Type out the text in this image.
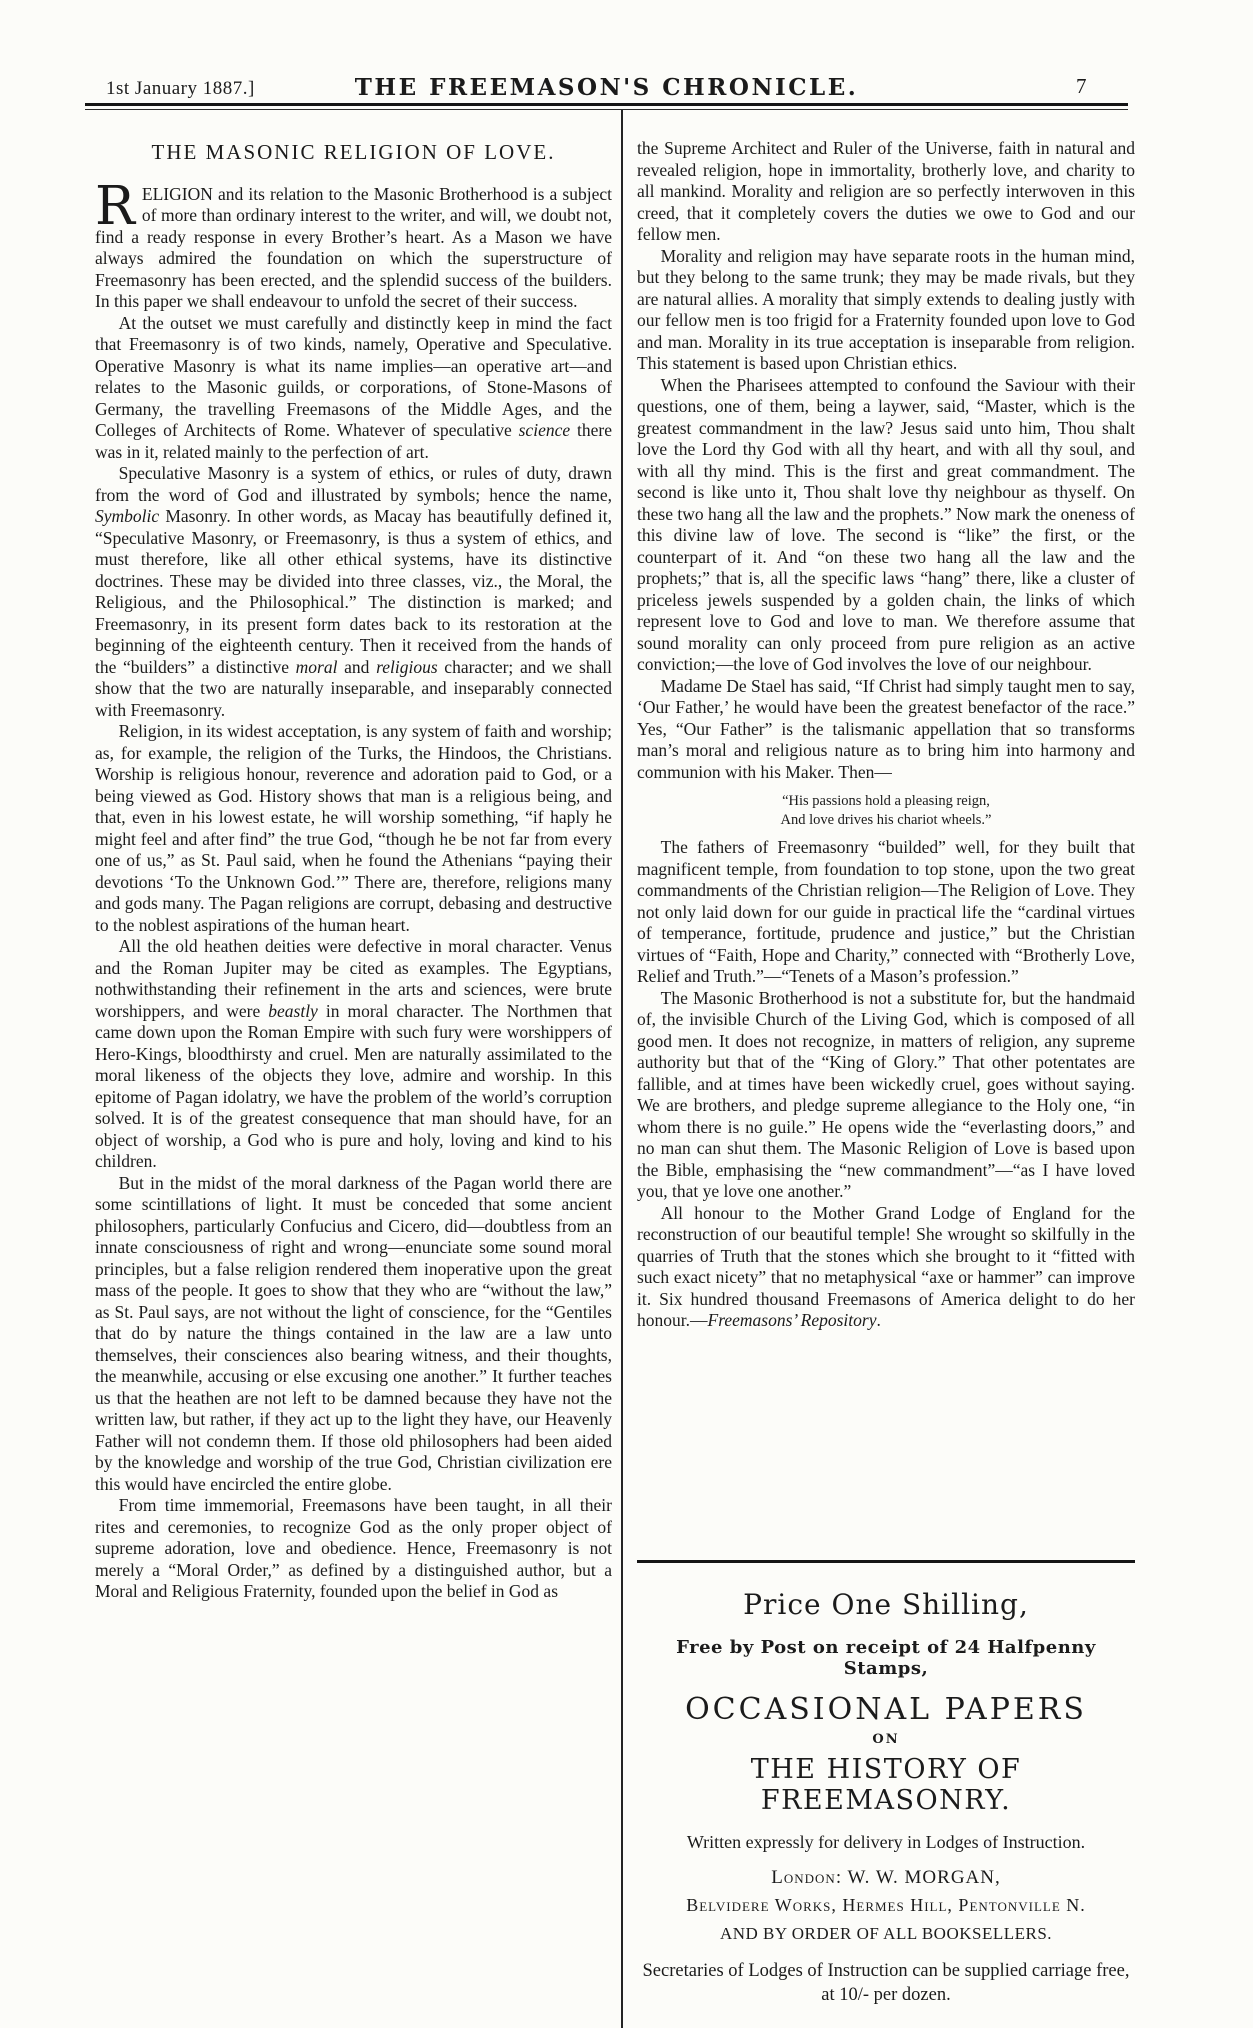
1st January 1887.]	THE FREEMASON'S CHRONICLE.	7
THE MASONIC RELIGION OF LOVE.

RELIGION and its relation to the Masonic Brotherhood is a subject of more than ordinary interest to the writer, and will, we doubt not, find a ready response in every Brother’s heart. As a Mason we have always admired the foundation on which the superstructure of Freemasonry has been erected, and the splendid success of the builders. In this paper we shall endeavour to unfold the secret of their success.

At the outset we must carefully and distinctly keep in mind the fact that Freemasonry is of two kinds, namely, Operative and Speculative. Operative Masonry is what its name implies—an operative art—and relates to the Masonic guilds, or corporations, of Stone-Masons of Germany, the travelling Freemasons of the Middle Ages, and the Colleges of Architects of Rome. Whatever of speculative science there was in it, related mainly to the perfection of art.

Speculative Masonry is a system of ethics, or rules of duty, drawn from the word of God and illustrated by symbols; hence the name, Symbolic Masonry. In other words, as Macay has beautifully defined it, “Speculative Masonry, or Freemasonry, is thus a system of ethics, and must therefore, like all other ethical systems, have its distinctive doctrines. These may be divided into three classes, viz., the Moral, the Religious, and the Philosophical.” The distinction is marked; and Freemasonry, in its present form dates back to its restoration at the beginning of the eighteenth century. Then it received from the hands of the “builders” a distinctive moral and religious character; and we shall show that the two are naturally inseparable, and inseparably connected with Freemasonry.

Religion, in its widest acceptation, is any system of faith and worship; as, for example, the religion of the Turks, the Hindoos, the Christians. Worship is religious honour, reverence and adoration paid to God, or a being viewed as God. History shows that man is a religious being, and that, even in his lowest estate, he will worship something, “if haply he might feel and after find” the true God, “though he be not far from every one of us,” as St. Paul said, when he found the Athenians “paying their devotions ‘To the Unknown God.’” There are, therefore, religions many and gods many. The Pagan religions are corrupt, debasing and destructive to the noblest aspirations of the human heart.

All the old heathen deities were defective in moral character. Venus and the Roman Jupiter may be cited as examples. The Egyptians, nothwithstanding their refinement in the arts and sciences, were brute worshippers, and were beastly in moral character. The Northmen that came down upon the Roman Empire with such fury were worshippers of Hero-Kings, bloodthirsty and cruel. Men are naturally assimilated to the moral likeness of the objects they love, admire and worship. In this epitome of Pagan idolatry, we have the problem of the world’s corruption solved. It is of the greatest consequence that man should have, for an object of worship, a God who is pure and holy, loving and kind to his children.

But in the midst of the moral darkness of the Pagan world there are some scintillations of light. It must be conceded that some ancient philosophers, particularly Confucius and Cicero, did—doubtless from an innate consciousness of right and wrong—enunciate some sound moral principles, but a false religion rendered them inoperative upon the great mass of the people. It goes to show that they who are “without the law,” as St. Paul says, are not without the light of conscience, for the “Gentiles that do by nature the things contained in the law are a law unto themselves, their consciences also bearing witness, and their thoughts, the meanwhile, accusing or else excusing one another.” It further teaches us that the heathen are not left to be damned because they have not the written law, but rather, if they act up to the light they have, our Heavenly Father will not condemn them. If those old philosophers had been aided by the knowledge and worship of the true God, Christian civilization ere this would have encircled the entire globe.

From time immemorial, Freemasons have been taught, in all their rites and ceremonies, to recognize God as the only proper object of supreme adoration, love and obedience. Hence, Freemasonry is not merely a “Moral Order,” as defined by a distinguished author, but a Moral and Religious Fraternity, founded upon the belief in God as

the Supreme Architect and Ruler of the Universe, faith in natural and revealed religion, hope in immortality, brotherly love, and charity to all mankind. Morality and religion are so perfectly interwoven in this creed, that it completely covers the duties we owe to God and our fellow men.

Morality and religion may have separate roots in the human mind, but they belong to the same trunk; they may be made rivals, but they are natural allies. A morality that simply extends to dealing justly with our fellow men is too frigid for a Fraternity founded upon love to God and man. Morality in its true acceptation is inseparable from religion. This statement is based upon Christian ethics.

When the Pharisees attempted to confound the Saviour with their questions, one of them, being a laywer, said, “Master, which is the greatest commandment in the law? Jesus said unto him, Thou shalt love the Lord thy God with all thy heart, and with all thy soul, and with all thy mind. This is the first and great commandment. The second is like unto it, Thou shalt love thy neighbour as thyself. On these two hang all the law and the prophets.” Now mark the oneness of this divine law of love. The second is “like” the first, or the counterpart of it. And “on these two hang all the law and the prophets;” that is, all the specific laws “hang” there, like a cluster of priceless jewels suspended by a golden chain, the links of which represent love to God and love to man. We therefore assume that sound morality can only proceed from pure religion as an active conviction;—the love of God involves the love of our neighbour.

Madame De Stael has said, “If Christ had simply taught men to say, ‘Our Father,’ he would have been the greatest benefactor of the race.” Yes, “Our Father” is the talismanic appellation that so transforms man’s moral and religious nature as to bring him into harmony and communion with his Maker. Then—

“His passions hold a pleasing reign,
And love drives his chariot wheels.”

The fathers of Freemasonry “builded” well, for they built that magnificent temple, from foundation to top stone, upon the two great commandments of the Christian religion—The Religion of Love. They not only laid down for our guide in practical life the “cardinal virtues of temperance, fortitude, prudence and justice,” but the Christian virtues of “Faith, Hope and Charity,” connected with “Brotherly Love, Relief and Truth.”—“Tenets of a Mason’s profession.”

The Masonic Brotherhood is not a substitute for, but the handmaid of, the invisible Church of the Living God, which is composed of all good men. It does not recognize, in matters of religion, any supreme authority but that of the “King of Glory.” That other potentates are fallible, and at times have been wickedly cruel, goes without saying. We are brothers, and pledge supreme allegiance to the Holy one, “in whom there is no guile.” He opens wide the “everlasting doors,” and no man can shut them. The Masonic Religion of Love is based upon the Bible, emphasising the “new commandment”—“as I have loved you, that ye love one another.”

All honour to the Mother Grand Lodge of England for the reconstruction of our beautiful temple! She wrought so skilfully in the quarries of Truth that the stones which she brought to it “fitted with such exact nicety” that no metaphysical “axe or hammer” can improve it. Six hundred thousand Freemasons of America delight to do her honour.—Freemasons’ Repository.

Price One Shilling,
Free by Post on receipt of 24 Halfpenny Stamps,
OCCASIONAL PAPERS
ON
THE HISTORY OF FREEMASONRY.
Written expressly for delivery in Lodges of Instruction.
London: W. W. MORGAN,
Belvidere Works, Hermes Hill, Pentonville N.
AND BY ORDER OF ALL BOOKSELLERS.
Secretaries of Lodges of Instruction can be supplied carriage free, at 10/- per dozen.
